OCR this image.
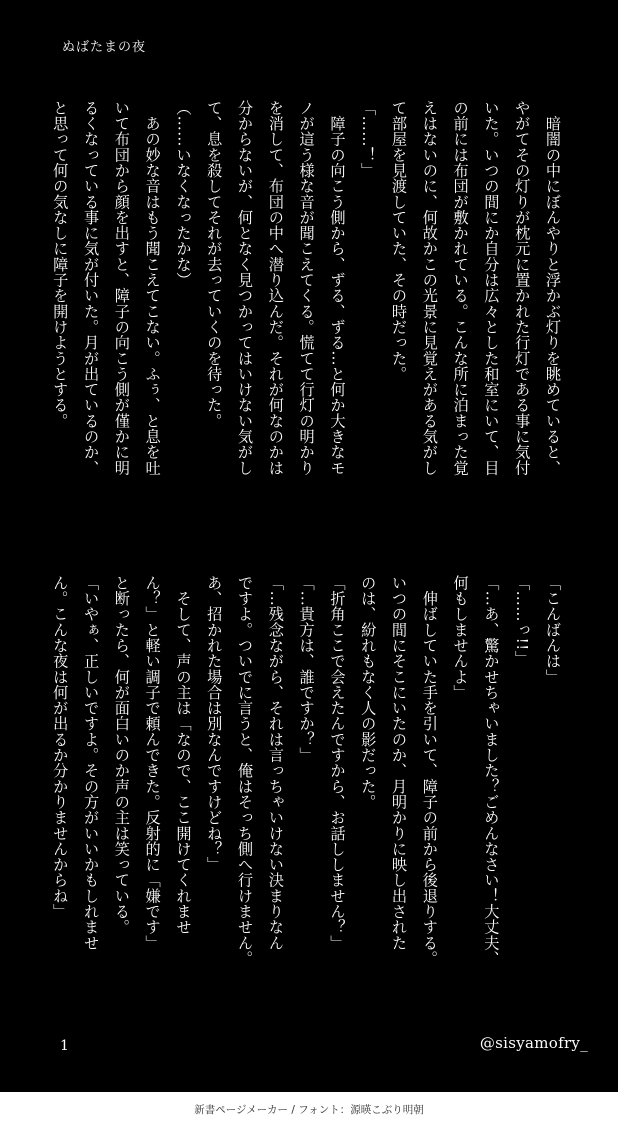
ぬばたまの夜
　暗闇の中にぼんやりと浮かぶ灯りを眺めていると、
やがてその灯りが枕元に置かれた行灯である事に気付
いた。いつの間にか自分は広々とした和室にいて、目
の前には布団が敷かれている。こんな所に泊まった覚
えはないのに、何故かこの光景に見覚えがある気がし
て部屋を見渡していた、その時だった。
「……！」
　障子の向こう側から、ずる、ずる…と何か大きなモ
ノが這う様な音が聞こえてくる。慌てて行灯の明かり
を消して、布団の中へ潜り込んだ。それが何なのかは
分からないが、何となく見つかってはいけない気がし
て、息を殺してそれが去っていくのを待った。
（……いなくなったかな）
　あの妙な音はもう聞こえてこない。ふぅ、と息を吐
いて布団から顔を出すと、障子の向こう側が僅かに明
るくなっている事に気が付いた。月が出ているのか、
と思って何の気なしに障子を開けようとする。
「こんばんは」
「……っ!!」
「…あ、驚かせちゃいました？ごめんなさい！大丈夫、
何もしませんよ」
　伸ばしていた手を引いて、障子の前から後退りする。
いつの間にそこにいたのか、月明かりに映し出された
のは、紛れもなく人の影だった。
「折角ここで会えたんですから、お話ししません？」
「…貴方は、誰ですか？」
「…残念ながら、それは言っちゃいけない決まりなん
ですよ。ついでに言うと、俺はそっち側へ行けません。
あ、招かれた場合は別なんですけどね？」
　そして、声の主は「なので、ここ開けてくれませ
ん？」と軽い調子で頼んできた。反射的に「嫌です」
と断ったら、何が面白いのか声の主は笑っている。
「いやぁ、正しいですよ。その方がいいかもしれませ
ん。こんな夜は何が出るか分かりませんからね」
1	@sisyamofry_
新書ページメーカー / フォント：源暎こぶり明朝
